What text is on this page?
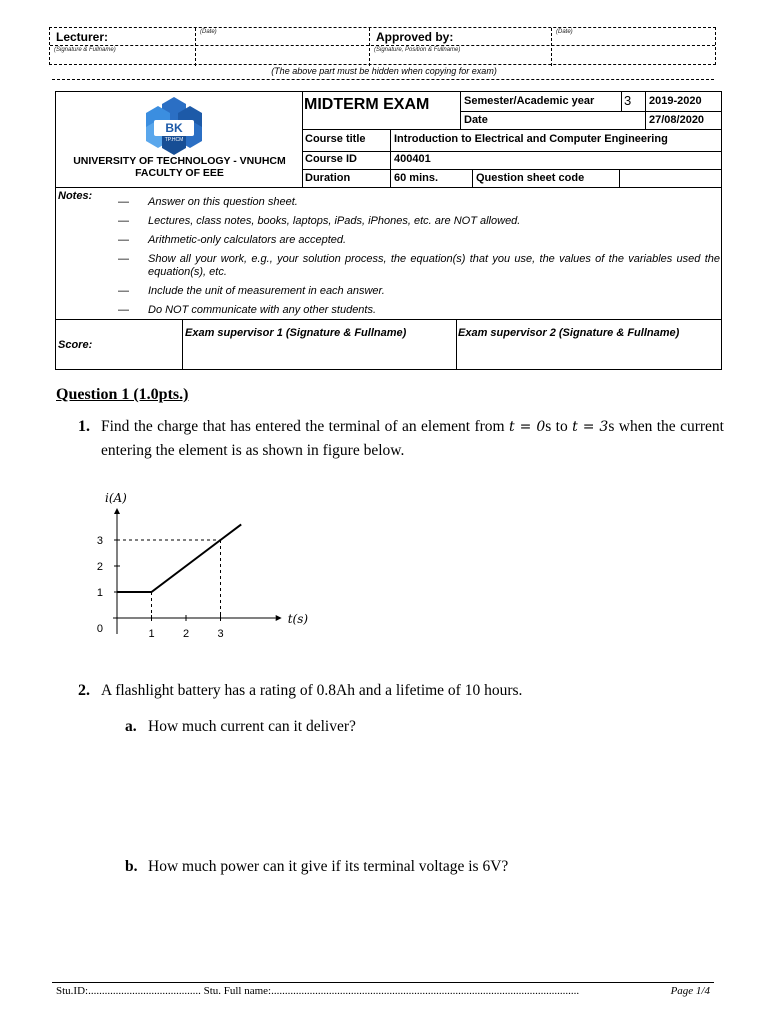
Lecturer:	(Date)
(Signature & Fullname)
Approved by:	(Date)
(Signature, Position & Fullname)
(The above part must be hidden when copying for exam)
BK
TP.HCM
UNIVERSITY OF TECHNOLOGY - VNUHCM
FACULTY OF EEE
MIDTERM EXAM	Semester/Academic year 3 2019-2020
Date	27/08/2020
Course title	Introduction to Electrical and Computer Engineering
Course ID	400401
Duration	60 mins.	Question sheet code
Notes: —	Answer on this question sheet.
—	Lectures, class notes, books, laptops, iPads, iPhones, etc. are NOT allowed.
—	Arithmetic-only calculators are accepted.
—	Show all your work, e.g., your solution process, the equation(s) that you use, the values of the variables used the equation(s), etc.
—	Include the unit of measurement in each answer.
—	Do NOT communicate with any other students.
Score:
Exam supervisor 1 (Signature & Fullname)	Exam supervisor 2 (Signature & Fullname)
Question 1 (1.0pts.)
1. Find the charge that has entered the terminal of an element from t = 0s to t = 3s when the current entering the element is as shown in figure below.
i(A)
t(s)
1
2
3
0	1	2	3
2. A flashlight battery has a rating of 0.8Ah and a lifetime of 10 hours.
a. How much current can it deliver?
b. How much power can it give if its terminal voltage is 6V?
Stu.ID:......................................... Stu. Full name:................................................................................................................	Page 1/4
